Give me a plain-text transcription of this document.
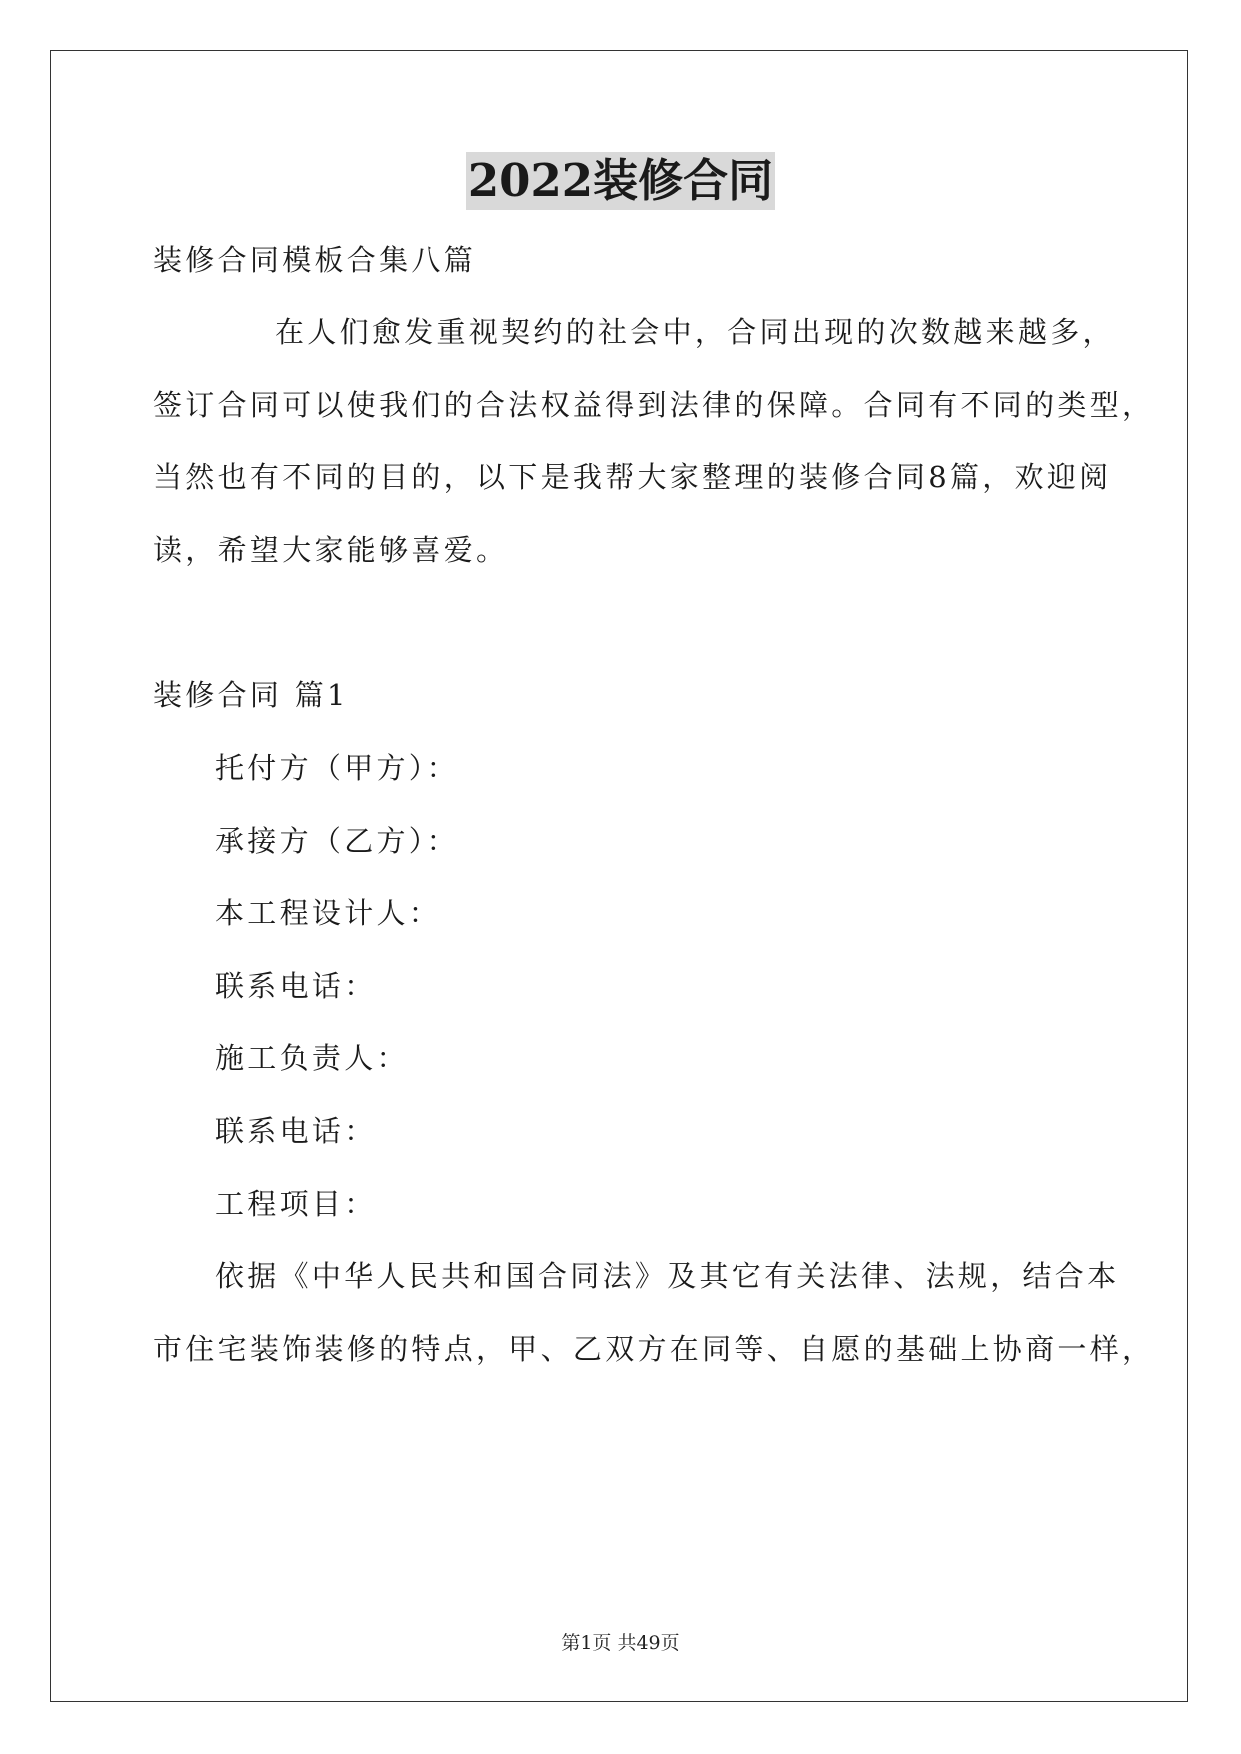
2022装修合同
装修合同模板合集八篇
在人们愈发重视契约的社会中，合同出现的次数越来越多，
签订合同可以使我们的合法权益得到法律的保障。合同有不同的类型，
当然也有不同的目的，以下是我帮大家整理的装修合同8篇，欢迎阅
读，希望大家能够喜爱。
装修合同 篇1
托付方（甲方）：
承接方（乙方）：
本工程设计人：
联系电话：
施工负责人：
联系电话：
工程项目：
依据《中华人民共和国合同法》及其它有关法律、法规，结合本
市住宅装饰装修的特点，甲、乙双方在同等、自愿的基础上协商一样，
第1页 共49页
